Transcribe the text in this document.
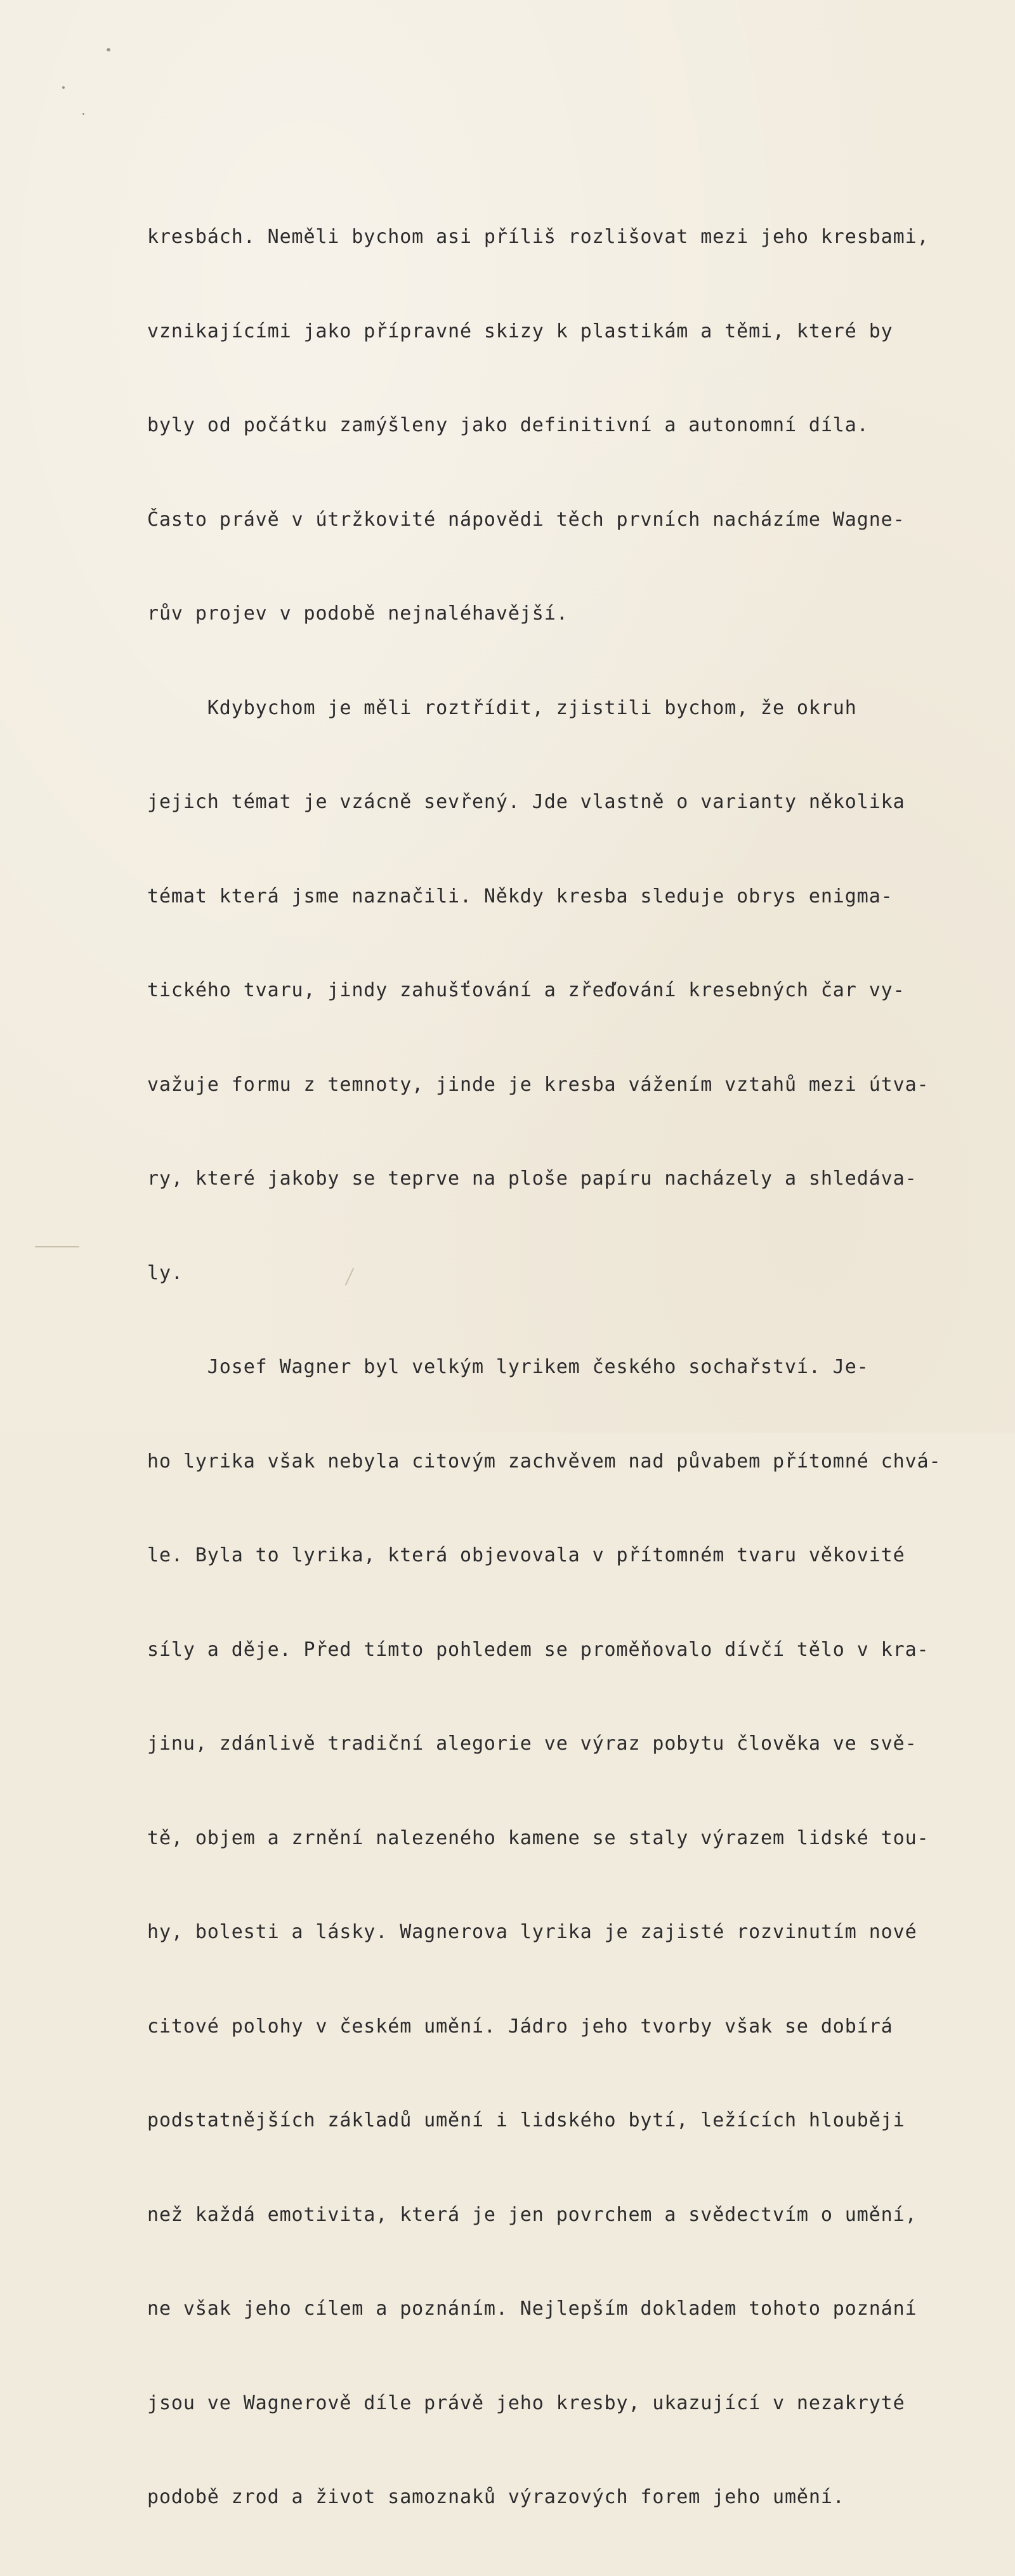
kresbách. Neměli bychom asi příliš rozlišovat mezi jeho kresbami,

vznikajícími jako přípravné skizy k plastikám a těmi, které by

byly od počátku zamýšleny jako definitivní a autonomní díla.

Často právě v útržkovité nápovědi těch prvních nacházíme Wagne-

rův projev v podobě nejnaléhavější.

Kdybychom je měli roztřídit, zjistili bychom, že okruh

jejich témat je vzácně sevřený. Jde vlastně o varianty několika

témat která jsme naznačili. Někdy kresba sleduje obrys enigma-

tického tvaru, jindy zahušťování a zřeďování kresebných čar vy-

važuje formu z temnoty, jinde je kresba vážením vztahů mezi útva-

ry, které jakoby se teprve na ploše papíru nacházely a shledáva-

ly.

Josef Wagner byl velkým lyrikem českého sochařství. Je-

ho lyrika však nebyla citovým zachvěvem nad půvabem přítomné chvá-

le. Byla to lyrika, která objevovala v přítomném tvaru věkovité

síly a děje. Před tímto pohledem se proměňovalo dívčí tělo v kra-

jinu, zdánlivě tradiční alegorie ve výraz pobytu člověka ve svě-

tě, objem a zrnění nalezeného kamene se staly výrazem lidské tou-

hy, bolesti a lásky. Wagnerova lyrika je zajisté rozvinutím nové

citové polohy v českém umění. Jádro jeho tvorby však se dobírá

podstatnějších základů umění i lidského bytí, ležících hlouběji

než každá emotivita, která je jen povrchem a svědectvím o umění,

ne však jeho cílem a poznáním. Nejlepším dokladem tohoto poznání

jsou ve Wagnerově díle právě jeho kresby, ukazující v nezakryté

podobě zrod a život samoznaků výrazových forem jeho umění.
